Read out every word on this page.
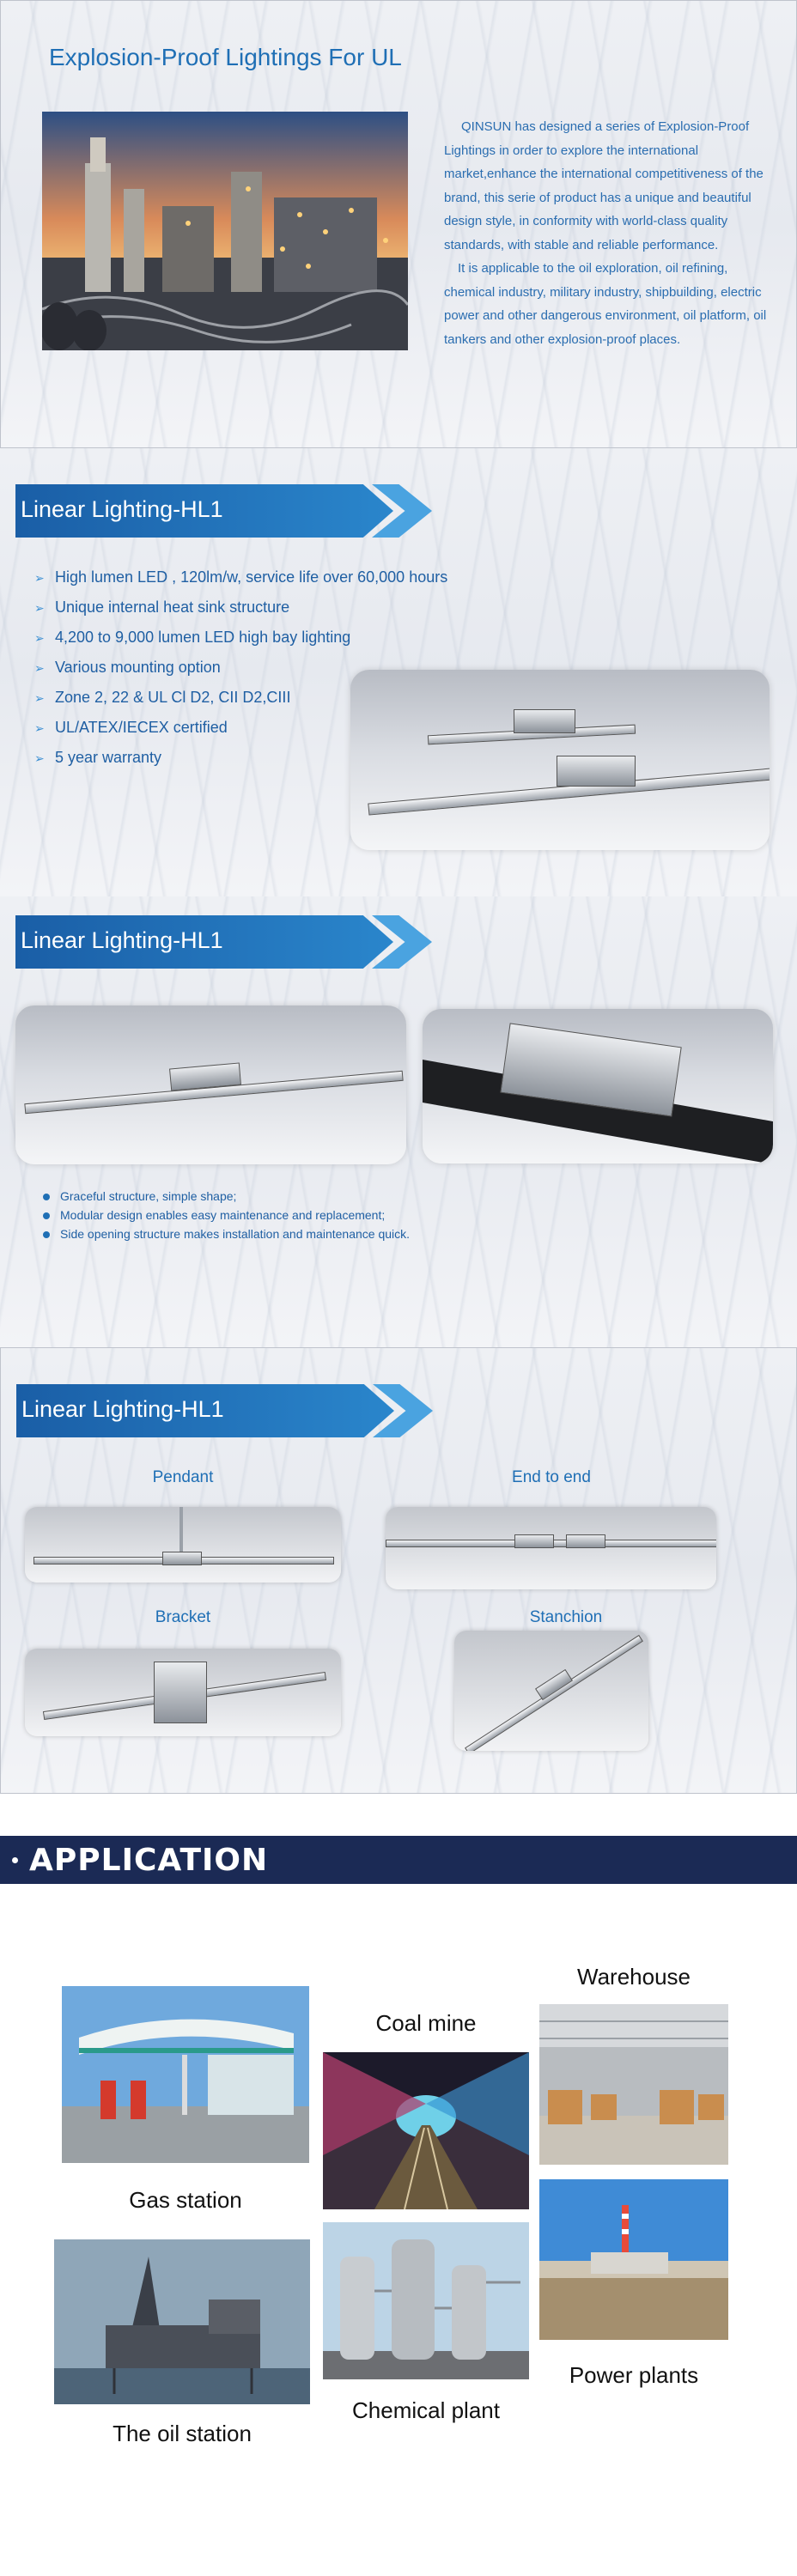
Explosion-Proof Lightings For UL
QINSUN has designed a series of Explosion-Proof Lightings in order to explore the international market,enhance the international competitiveness of the brand, this serie of product has a unique and beautiful design style, in conformity with world-class quality standards, with stable and reliable performance.
It is applicable to the oil exploration, oil refining, chemical industry, military industry, shipbuilding, electric power and other dangerous environment, oil platform, oil tankers and other explosion-proof places.
Linear Lighting-HL1
➢ High lumen LED , 120lm/w, service life over 60,000 hours
➢ Unique internal heat sink structure
➢ 4,200 to 9,000 lumen LED high bay lighting
➢ Various mounting option
➢ Zone 2, 22 & UL Cl D2, CII D2,CIII
➢ UL/ATEX/IECEX certified
➢ 5 year warranty
Linear Lighting-HL1
Graceful structure, simple shape;
Modular design enables easy maintenance and replacement;
Side opening structure makes installation and maintenance quick.
Linear Lighting-HL1
Pendant	End to end
Bracket	Stanchion
APPLICATION
Gas station
Coal mine
Warehouse
The oil station
Chemical plant
Power plants
